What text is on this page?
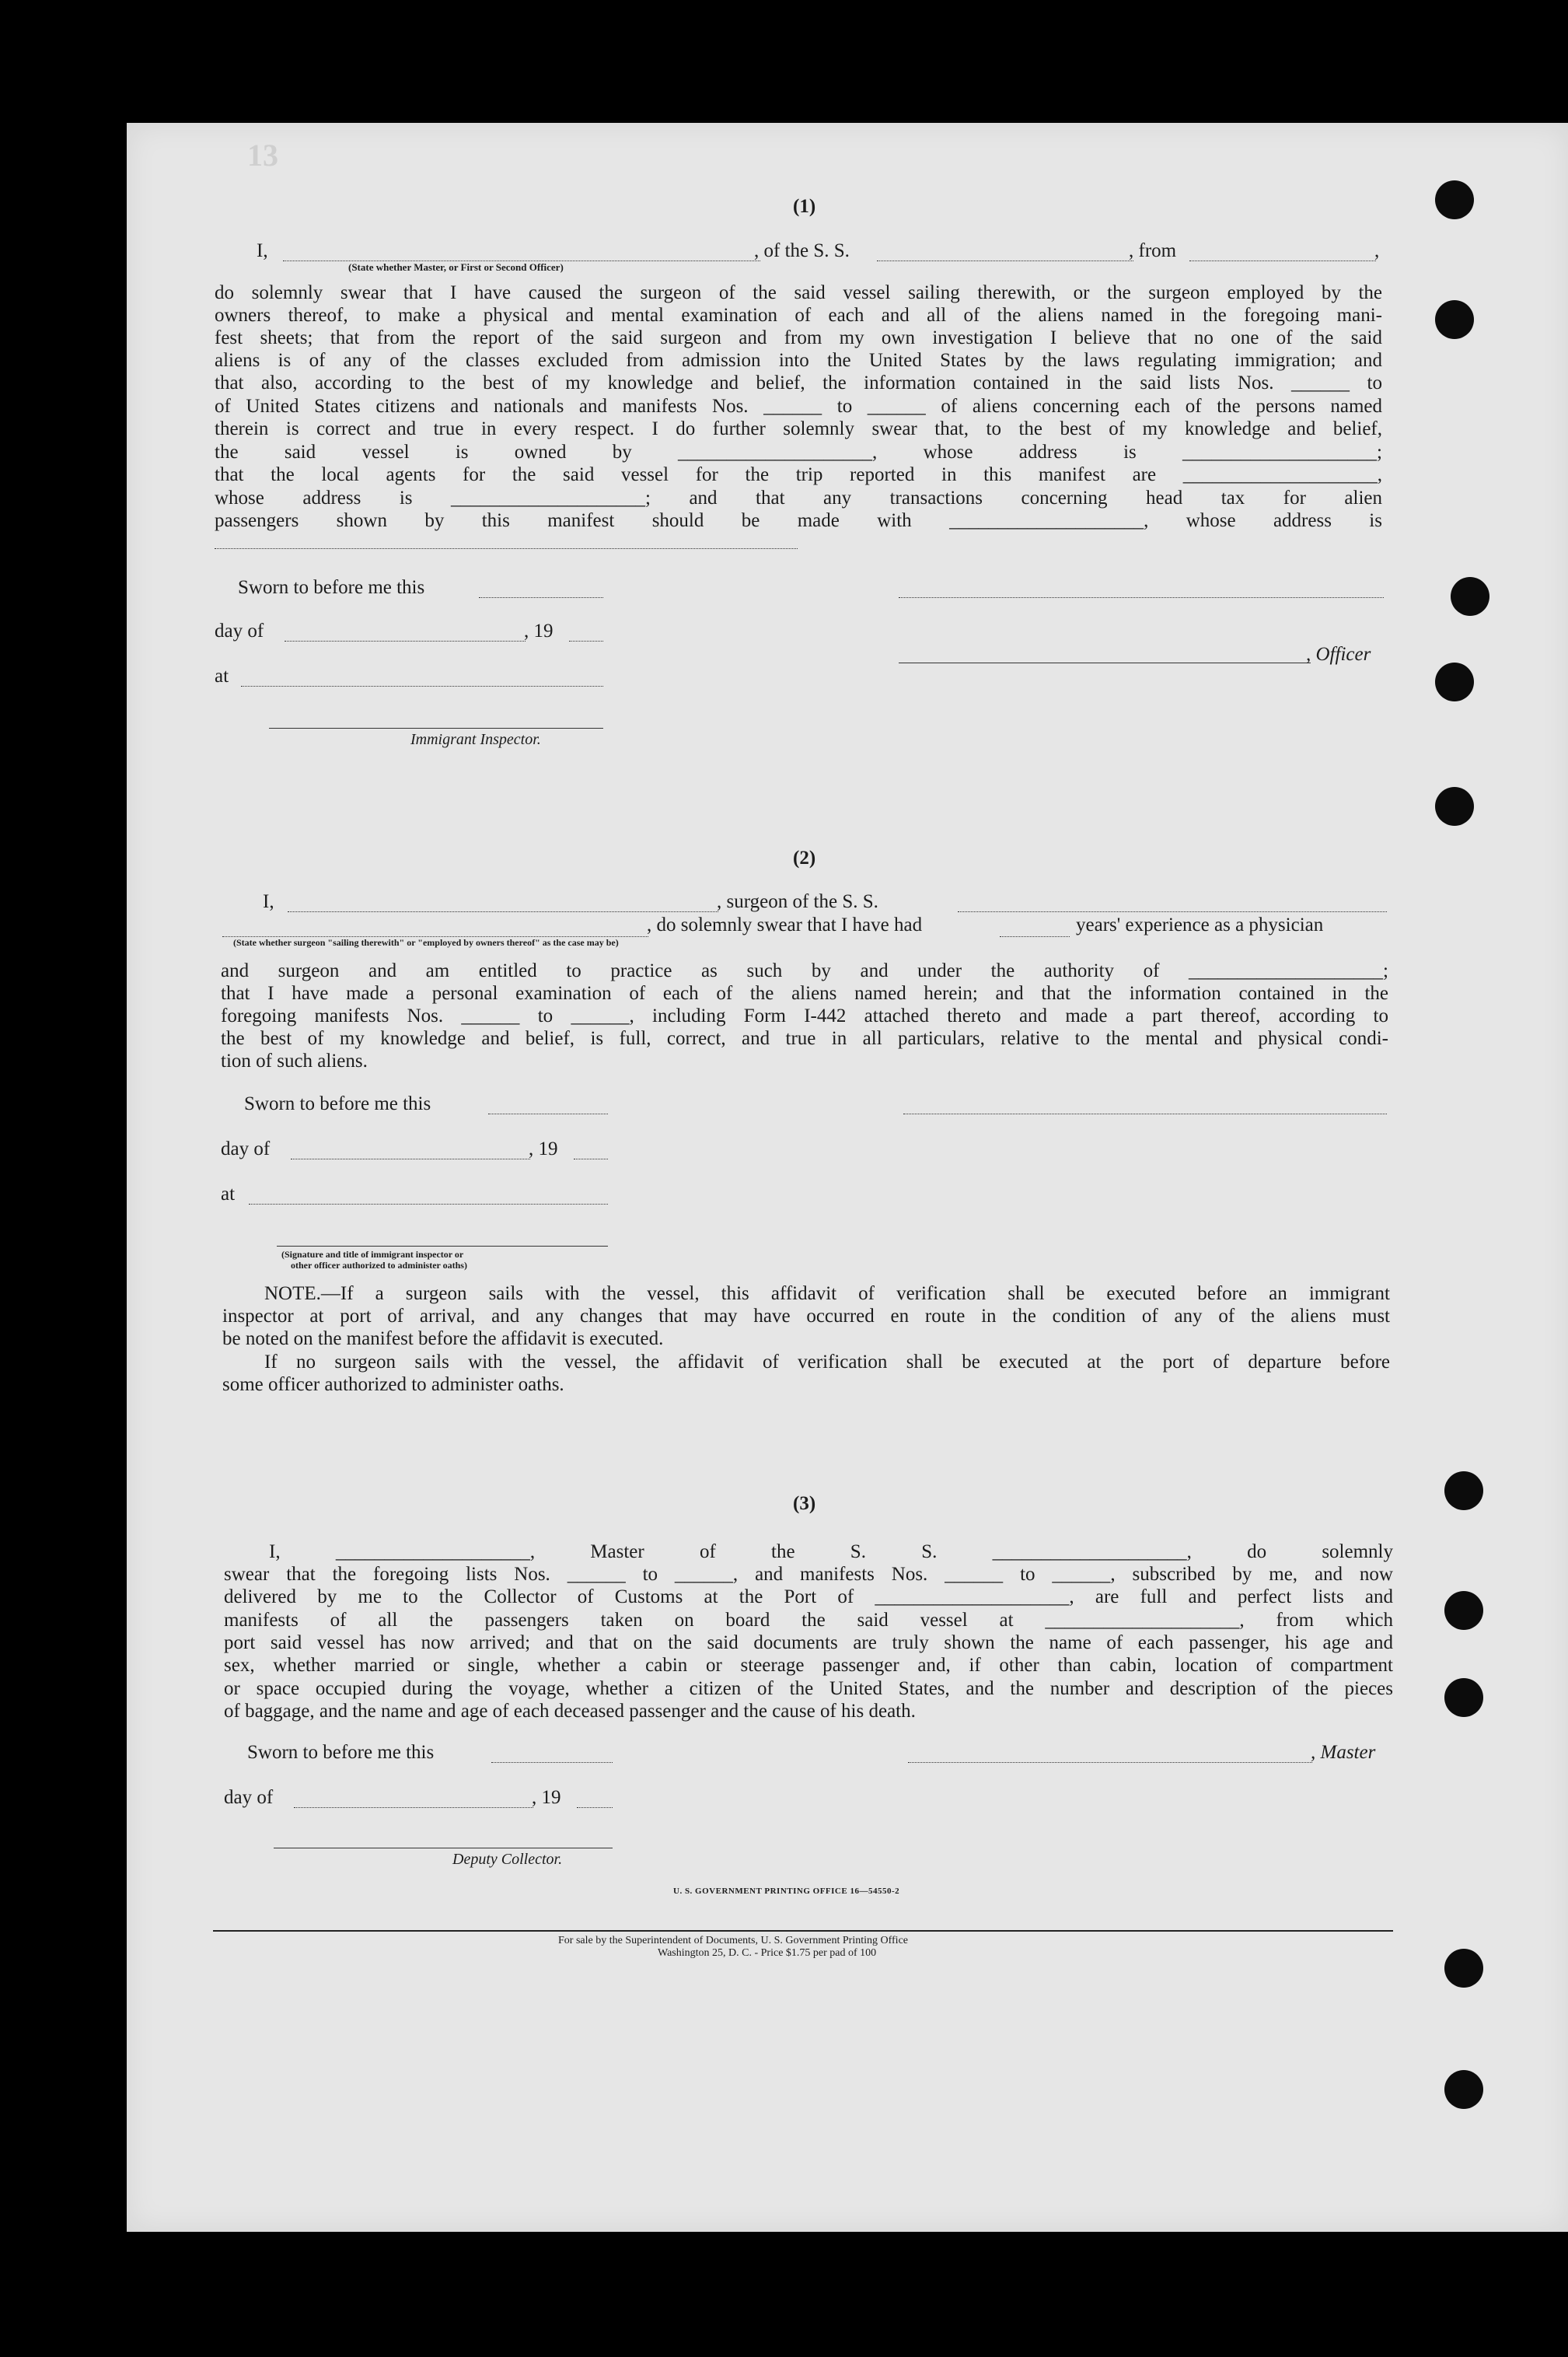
13
(1)
I,	, of the S. S.	, from	,
(State whether Master, or First or Second Officer)
do solemnly swear that I have caused the surgeon of the said vessel sailing therewith, or the surgeon employed by the
owners thereof, to make a physical and mental examination of each and all of the aliens named in the foregoing mani-
fest sheets; that from the report of the said surgeon and from my own investigation I believe that no one of the said
aliens is of any of the classes excluded from admission into the United States by the laws regulating immigration; and
that also, according to the best of my knowledge and belief, the information contained in the said lists Nos. ______ to
of United States citizens and nationals and manifests Nos. ______ to ______ of aliens concerning each of the persons named
therein is correct and true in every respect. I do further solemnly swear that, to the best of my knowledge and belief,
the said vessel is owned by ____________________, whose address is ____________________;
that the local agents for the said vessel for the trip reported in this manifest are ____________________,
whose address is ____________________; and that any transactions concerning head tax for alien
passengers shown by this manifest should be made with ____________________, whose address is
Sworn to before me this
day of	, 19
, Officer
at
Immigrant Inspector.
(2)
I,	, surgeon of the S. S.
, do solemnly swear that I have had	years' experience as a physician
(State whether surgeon "sailing therewith" or "employed by owners thereof" as the case may be)
and surgeon and am entitled to practice as such by and under the authority of ____________________;
that I have made a personal examination of each of the aliens named herein; and that the information contained in the
foregoing manifests Nos. ______ to ______, including Form I-442 attached thereto and made a part thereof, according to
the best of my knowledge and belief, is full, correct, and true in all particulars, relative to the mental and physical condi-
tion of such aliens.
Sworn to before me this
day of	, 19
at
(Signature and title of immigrant inspector or
other officer authorized to administer oaths)
NOTE.—If a surgeon sails with the vessel, this affidavit of verification shall be executed before an immigrant
inspector at port of arrival, and any changes that may have occurred en route in the condition of any of the aliens must
be noted on the manifest before the affidavit is executed.
If no surgeon sails with the vessel, the affidavit of verification shall be executed at the port of departure before
some officer authorized to administer oaths.
(3)
I, ____________________, Master of the S. S. ____________________, do solemnly
swear that the foregoing lists Nos. ______ to ______, and manifests Nos. ______ to ______, subscribed by me, and now
delivered by me to the Collector of Customs at the Port of ____________________, are full and perfect lists and
manifests of all the passengers taken on board the said vessel at ____________________, from which
port said vessel has now arrived; and that on the said documents are truly shown the name of each passenger, his age and
sex, whether married or single, whether a cabin or steerage passenger and, if other than cabin, location of compartment
or space occupied during the voyage, whether a citizen of the United States, and the number and description of the pieces
of baggage, and the name and age of each deceased passenger and the cause of his death.
Sworn to before me this	, Master
day of	, 19
Deputy Collector.
U. S. GOVERNMENT PRINTING OFFICE 16—54550-2
For sale by the Superintendent of Documents, U. S. Government Printing Office
Washington 25, D. C. - Price $1.75 per pad of 100
